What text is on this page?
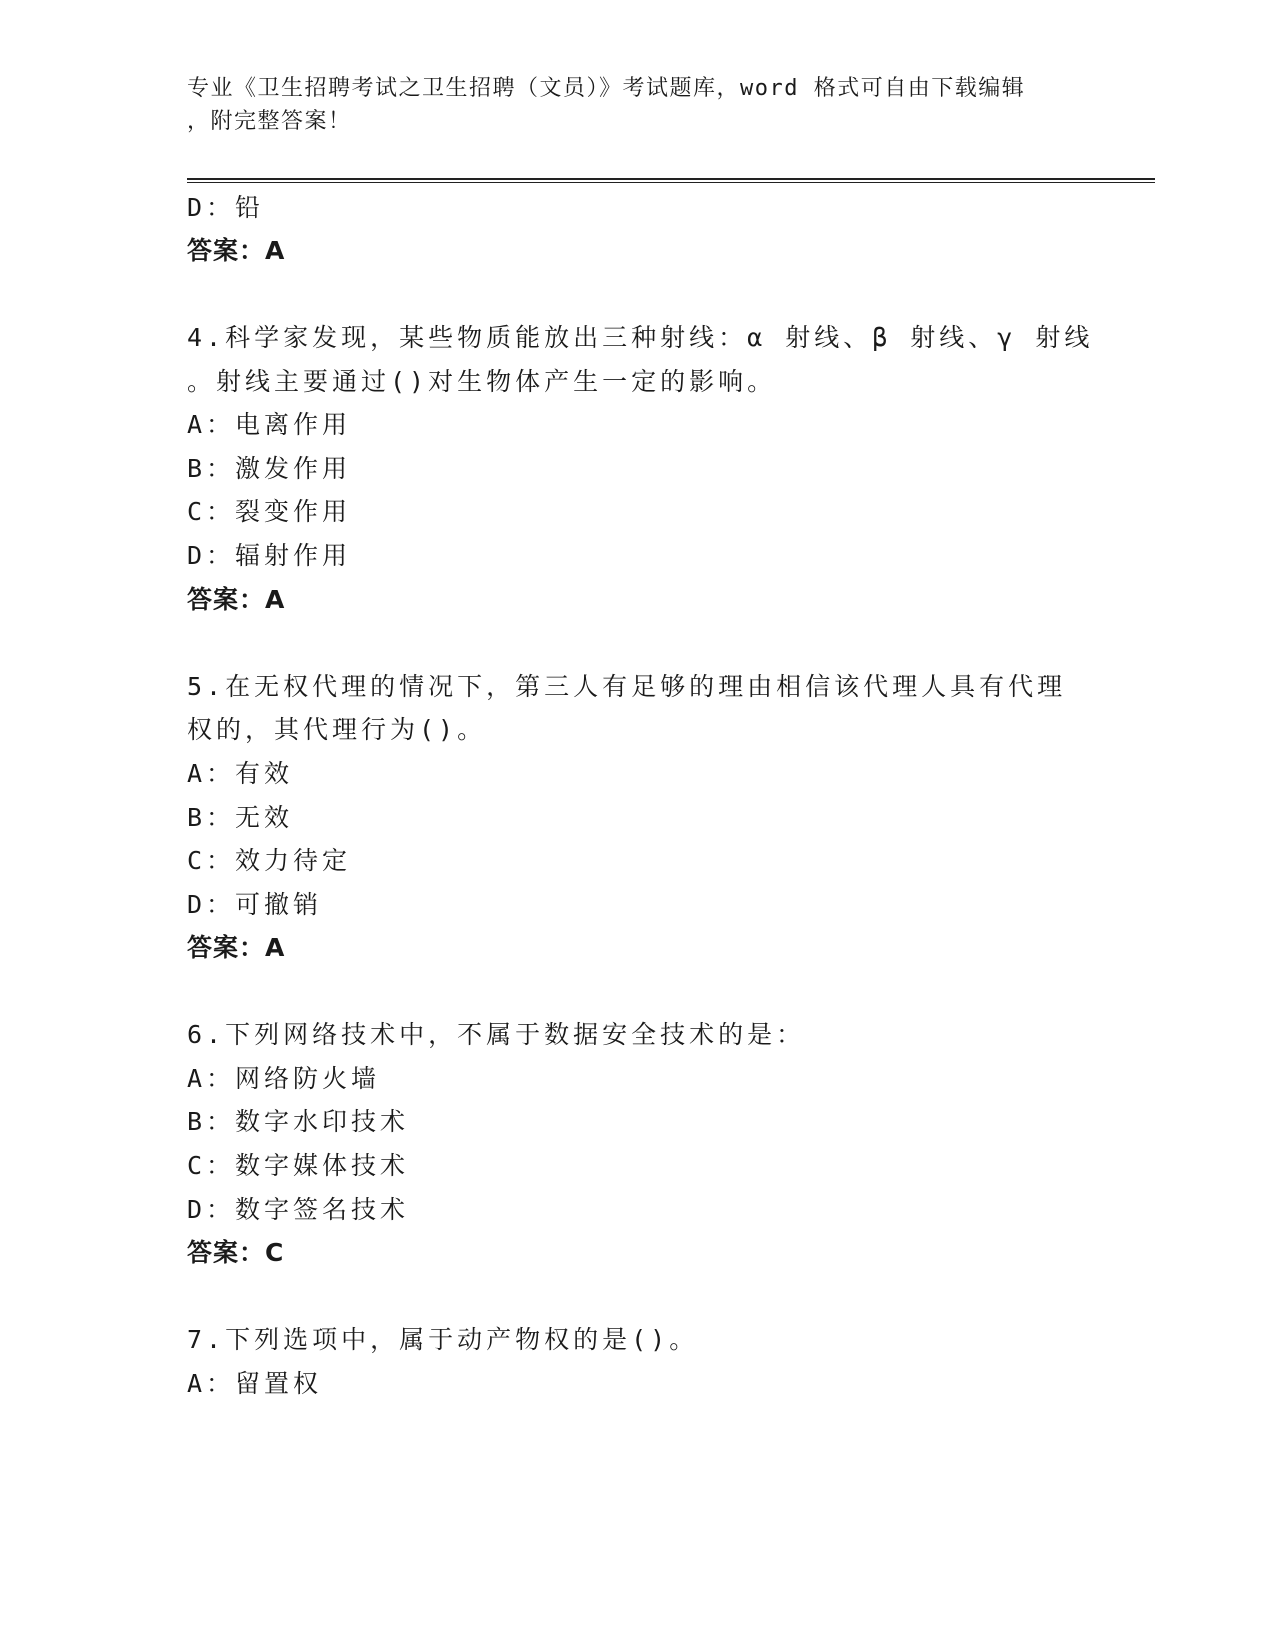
专业《卫生招聘考试之卫生招聘（文员）》考试题库，word 格式可自由下载编辑
，附完整答案！
D：铅
答案：A
4.科学家发现，某些物质能放出三种射线：α 射线、β 射线、γ 射线
。射线主要通过()对生物体产生一定的影响。
A：电离作用
B：激发作用
C：裂变作用
D：辐射作用
答案：A
5.在无权代理的情况下，第三人有足够的理由相信该代理人具有代理
权的，其代理行为()。
A：有效
B：无效
C：效力待定
D：可撤销
答案：A
6.下列网络技术中，不属于数据安全技术的是：
A：网络防火墙
B：数字水印技术
C：数字媒体技术
D：数字签名技术
答案：C
7.下列选项中，属于动产物权的是()。
A：留置权
